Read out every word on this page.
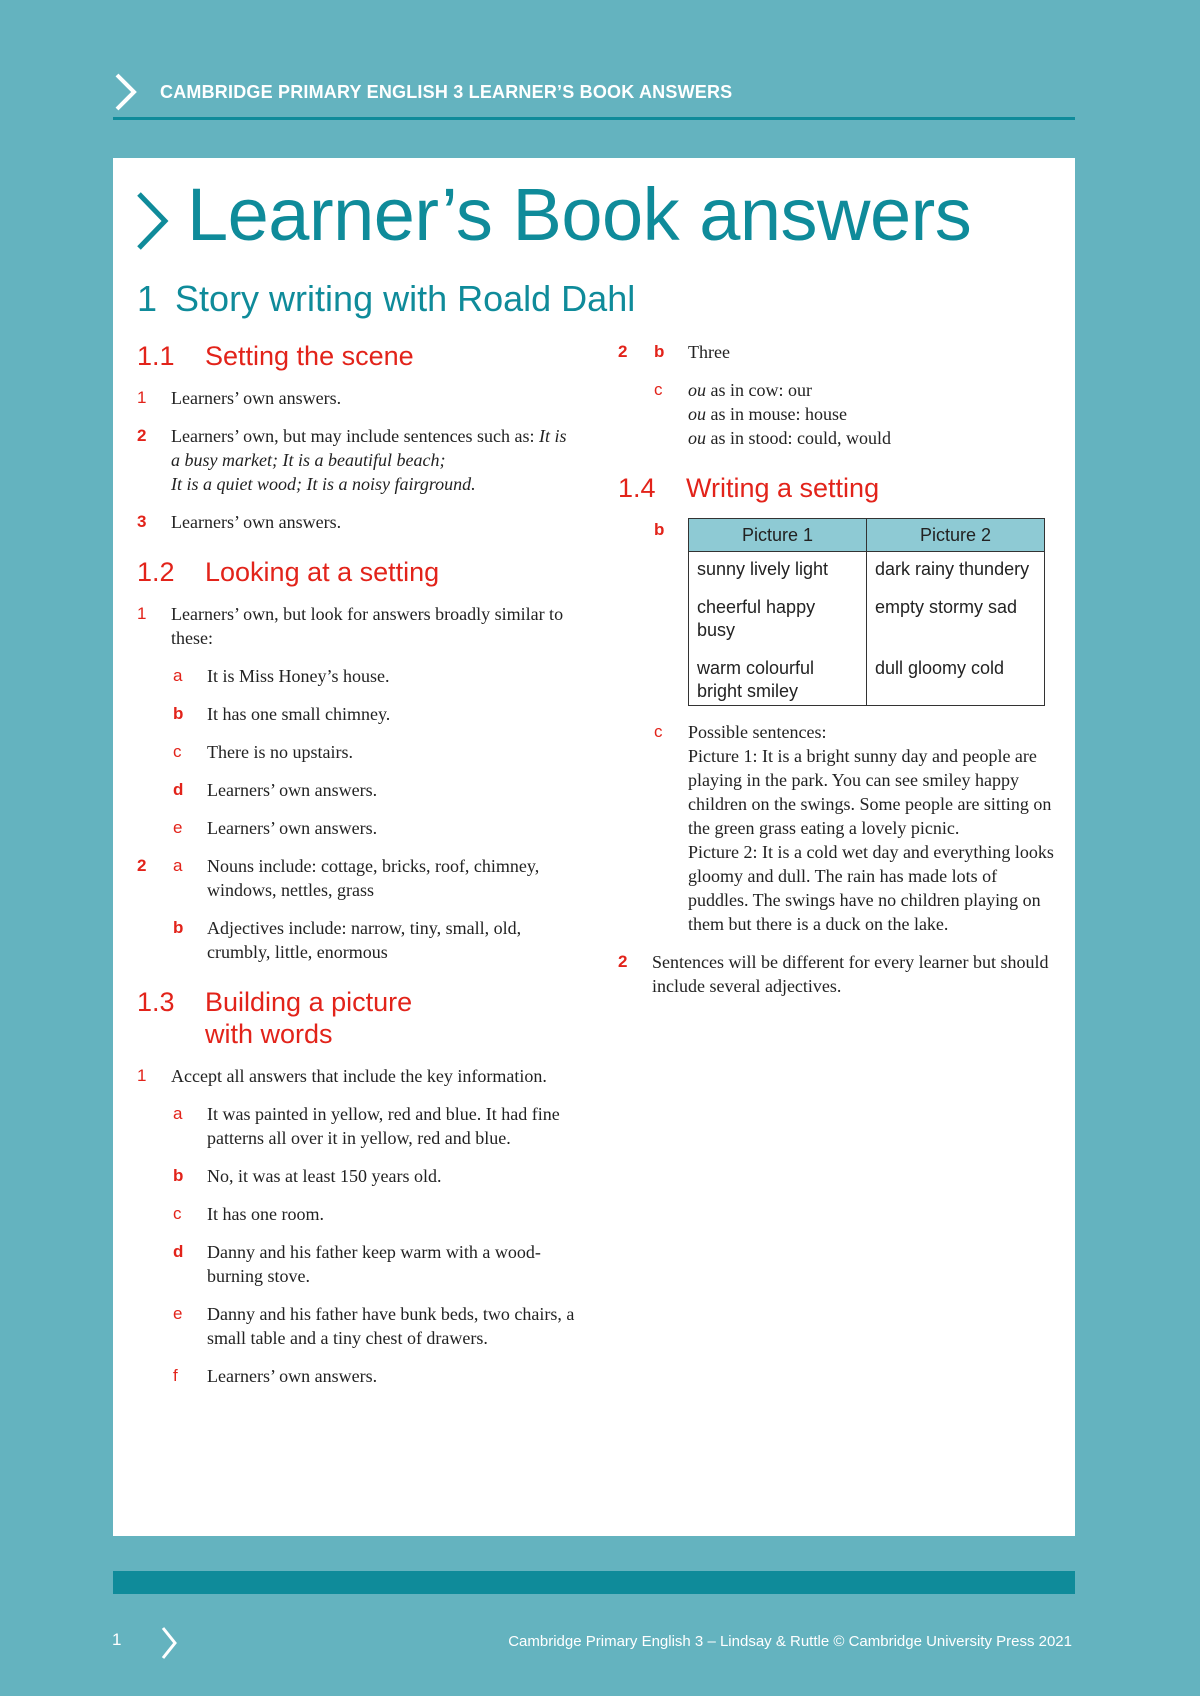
CAMBRIDGE PRIMARY ENGLISH 3 LEARNER’S BOOK ANSWERS
Learner’s Book answers
1 Story writing with Roald Dahl
1.1 Setting the scene
1 Learners’ own answers.
2 Learners’ own, but may include sentences such as: It is a busy market; It is a beautiful beach;
It is a quiet wood; It is a noisy fairground.
3 Learners’ own answers.
1.2 Looking at a setting
1 Learners’ own, but look for answers broadly similar to these:
a It is Miss Honey’s house.
b It has one small chimney.
c There is no upstairs.
d Learners’ own answers.
e Learners’ own answers.
2 a Nouns include: cottage, bricks, roof, chimney, windows, nettles, grass
b Adjectives include: narrow, tiny, small, old, crumbly, little, enormous
1.3 Building a picture
with words
1 Accept all answers that include the key information.
a It was painted in yellow, red and blue. It had fine patterns all over it in yellow, red and blue.
b No, it was at least 150 years old.
c It has one room.
d Danny and his father keep warm with a wood-burning stove.
e Danny and his father have bunk beds, two chairs, a small table and a tiny chest of drawers.
f Learners’ own answers.
2 b Three
c ou as in cow: our
ou as in mouse: house
ou as in stood: could, would
1.4 Writing a setting
b	Picture 1	Picture 2
sunny lively light	dark rainy thundery
cheerful happy busy	empty stormy sad
warm colourful	dull gloomy cold
bright smiley	
c Possible sentences:
Picture 1: It is a bright sunny day and people are playing in the park. You can see smiley happy children on the swings. Some people are sitting on the green grass eating a lovely picnic.
Picture 2: It is a cold wet day and everything looks gloomy and dull. The rain has made lots of puddles. The swings have no children playing on them but there is a duck on the lake.
2 Sentences will be different for every learner but should include several adjectives.
1	Cambridge Primary English 3 – Lindsay & Ruttle © Cambridge University Press 2021
